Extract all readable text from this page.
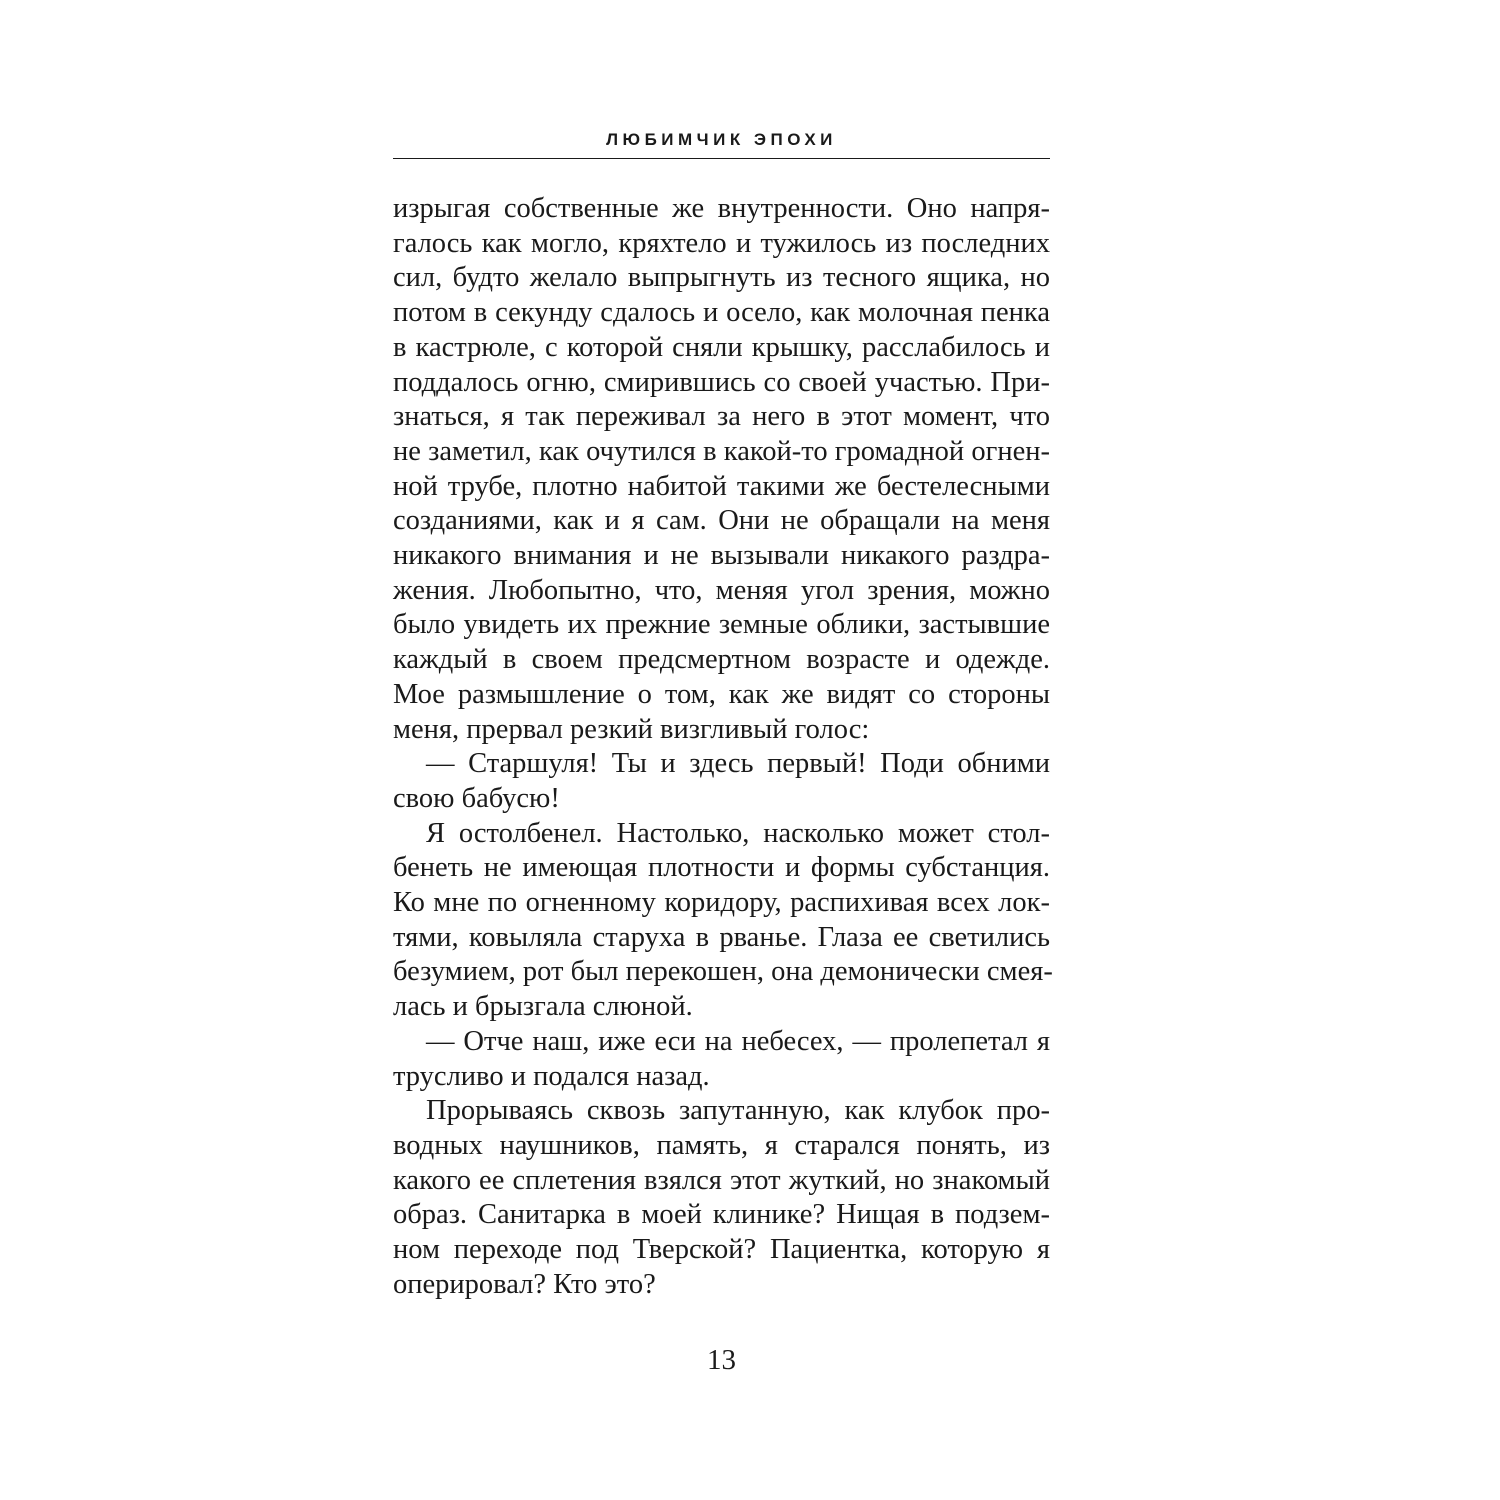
ЛЮБИМЧИК ЭПОХИ
изрыгая собственные же внутренности. Оно напря-
галось как могло, кряхтело и тужилось из последних
сил, будто желало выпрыгнуть из тесного ящика, но
потом в секунду сдалось и осело, как молочная пенка
в кастрюле, с которой сняли крышку, расслабилось и
поддалось огню, смирившись со своей участью. При-
знаться, я так переживал за него в этот момент, что
не заметил, как очутился в какой-то громадной огнен-
ной трубе, плотно набитой такими же бестелесными
созданиями, как и я сам. Они не обращали на меня
никакого внимания и не вызывали никакого раздра-
жения. Любопытно, что, меняя угол зрения, можно
было увидеть их прежние земные облики, застывшие
каждый в своем предсмертном возрасте и одежде.
Мое размышление о том, как же видят со стороны
меня, прервал резкий визгливый голос:
— Старшуля! Ты и здесь первый! Поди обними
свою бабусю!
Я остолбенел. Настолько, насколько может стол-
бенеть не имеющая плотности и формы субстанция.
Ко мне по огненному коридору, распихивая всех лок-
тями, ковыляла старуха в рванье. Глаза ее светились
безумием, рот был перекошен, она демонически смея-
лась и брызгала слюной.
— Отче наш, иже еси на небесех, — пролепетал я
трусливо и подался назад.
Прорываясь сквозь запутанную, как клубок про-
водных наушников, память, я старался понять, из
какого ее сплетения взялся этот жуткий, но знакомый
образ. Санитарка в моей клинике? Нищая в подзем-
ном переходе под Тверской? Пациентка, которую я
оперировал? Кто это?
13
